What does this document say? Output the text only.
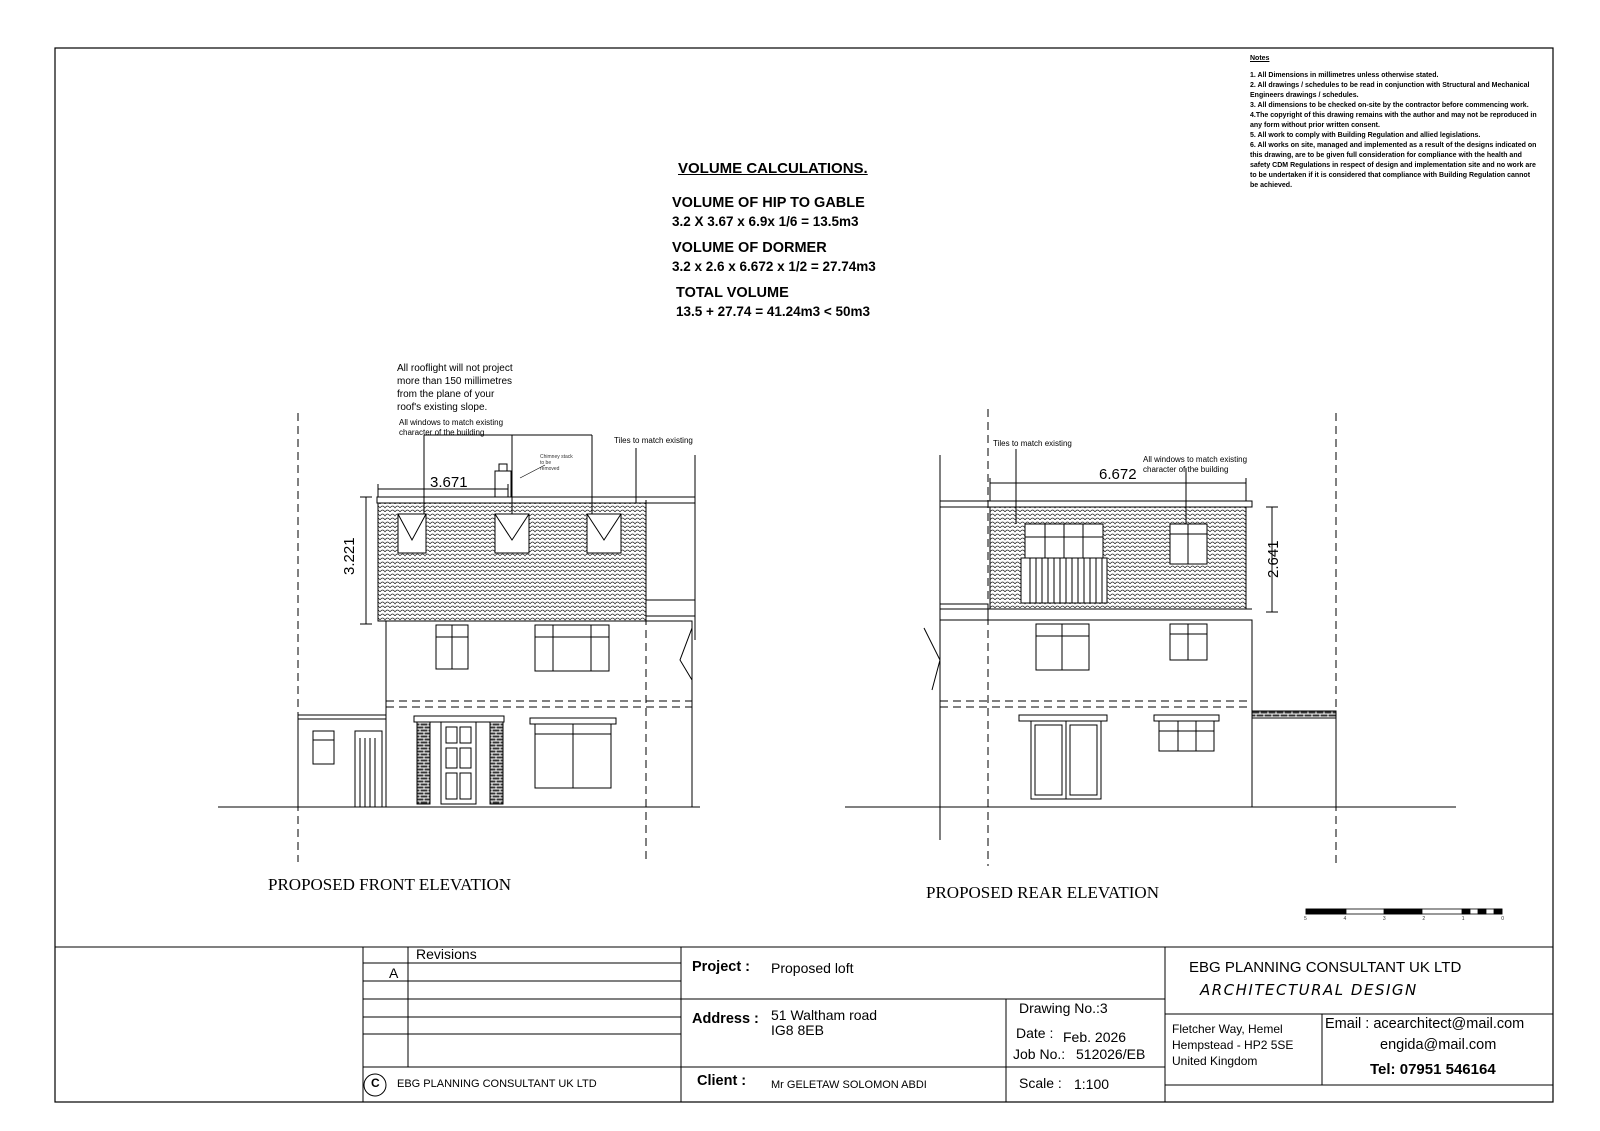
Notes
1. All Dimensions in millimetres unless otherwise stated.
2. All drawings / schedules to be read in conjunction with Structural and Mechanical Engineers drawings / schedules.
3. All dimensions to be checked on-site by the contractor before commencing work.
4.The copyright of this drawing remains with the author and may not be reproduced in any form without prior written consent.
5. All work to comply with Building Regulation and allied legislations.
6. All works on site, managed and implemented as a result of the designs indicated on this drawing, are to be given full consideration for compliance with the health and safety CDM Regulations in respect of design and implementation site and no work are to be undertaken if it is considered that compliance with Building Regulation cannot be achieved.
VOLUME CALCULATIONS.
VOLUME OF HIP TO GABLE
3.2 X 3.67 x 6.9x 1/6 = 13.5m3
VOLUME OF DORMER
3.2 x 2.6 x 6.672 x 1/2 = 27.74m3
TOTAL VOLUME
13.5 + 27.74 = 41.24m3 < 50m3
All rooflight will not project
more than 150 millimetres
from the plane of your
roof's existing slope.
All windows to match existing
character of the building
Chimney stack
to be
removed
Tiles to match existing
3.671
3.221
PROPOSED FRONT ELEVATION
Tiles to match existing
All windows to match existing
character of the building
6.672
2.641
PROPOSED REAR ELEVATION
5	4	3	2	1	0
Revisions
A
C EBG PLANNING CONSULTANT UK LTD
Project : Proposed loft
Address : 51 Waltham road
IG8 8EB
Client : Mr GELETAW SOLOMON ABDI
Drawing No.:3
Date : Feb. 2026
Job No.: 512026/EB
Scale : 1:100
EBG PLANNING CONSULTANT UK LTD
ARCHITECTURAL DESIGN
Fletcher Way, Hemel
Hempstead - HP2 5SE
United Kingdom
Email : acearchitect@mail.com
engida@mail.com
Tel: 07951 546164
